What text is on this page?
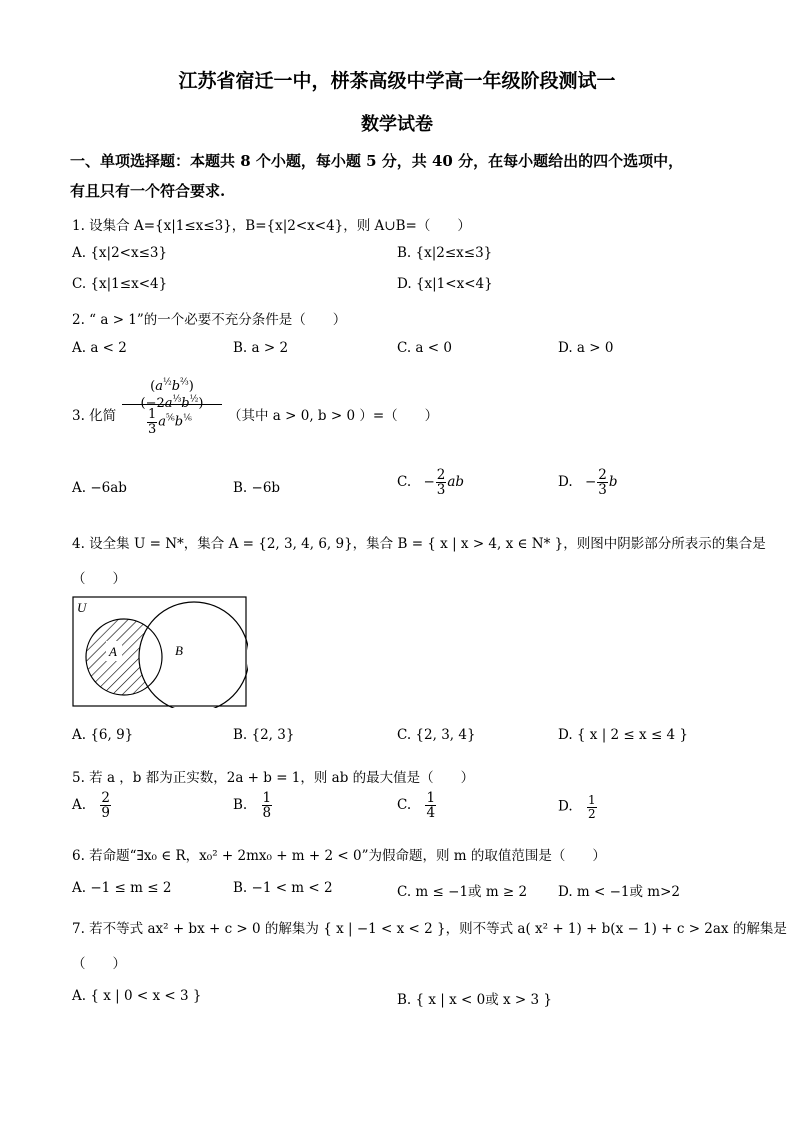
江苏省宿迁一中，栟茶高级中学高一年级阶段测试一
数学试卷
一、单项选择题：本题共 8 个小题，每小题 5 分，共 40 分，在每小题给出的四个选项中，
有且只有一个符合要求.
1. 设集合 A={x|1≤x≤3}，B={x|2<x<4}，则 A∪B=（　　）
A. {x|2<x≤3}	B. {x|2≤x≤3}
C. {x|1≤x<4}	D. {x|1<x<4}
2. “ a > 1”的一个必要不充分条件是（　　）
A. a < 2	B. a > 2	C. a < 0	D. a > 0
3. 化简
$(a^{\frac{1}{2}}b^{\frac{2}{3}})(-2a^{\frac{1}{3}}b^{\frac{1}{2}})$
$\frac{1}{3} a^{\frac{5}{6}}b^{\frac{1}{6}}$	（其中 a > 0, b > 0 ）=（　　）
A. −6ab	B. −6b	C. − $\frac{2}{3}$ ab	D. − $\frac{2}{3}$ b
4. 设全集 U = N*，集合 A = {2, 3, 4, 6, 9}，集合 B = { x | x > 4, x ∈ N* }，则图中阴影部分所表示的集合是
（　　）
U
A	B
A. {6, 9}	B. {2, 3}	C. {2, 3, 4}	D. { x | 2 ≤ x ≤ 4 }
5. 若 a ，b 都为正实数，2a + b = 1，则 ab 的最大值是（　　）
A. $\frac{2}{9}$	B. $\frac{1}{8}$	C. $\frac{1}{4}$	D. $\frac{1}{2}$
6. 若命题“∃x₀ ∈ R，x₀² + 2mx₀ + m + 2 < 0”为假命题，则 m 的取值范围是（　　）
A. −1 ≤ m ≤ 2	B. −1 < m < 2	C. m ≤ −1或 m ≥ 2 D. m < −1或 m>2
7. 若不等式 ax² + bx + c > 0 的解集为 { x | −1 < x < 2 }，则不等式 a( x² + 1) + b(x − 1) + c > 2ax 的解集是
（　　）
A. { x | 0 < x < 3 }	B. { x | x < 0或 x > 3 }
